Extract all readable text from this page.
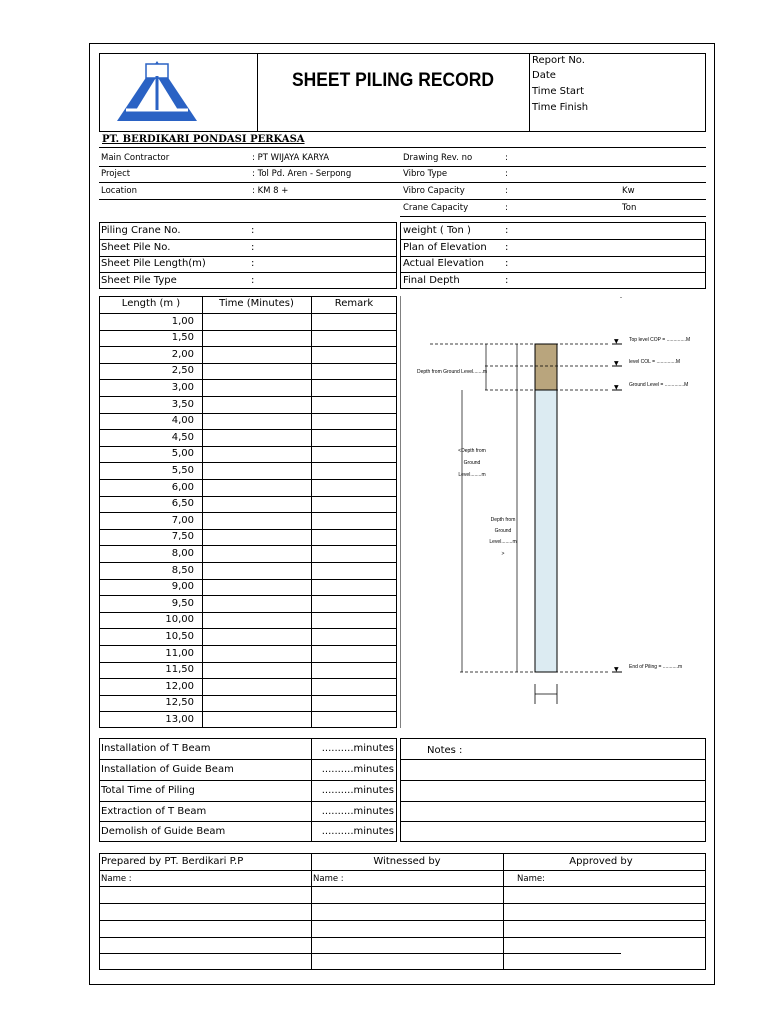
SHEET PILING RECORD
Report No.
Date
Time Start
Time Finish
PT. BERDIKARI PONDASI PERKASA
Main Contractor	: PT WIJAYA KARYA
Project	: Tol Pd. Aren - Serpong
Location	: KM 8 +
Drawing Rev. no	:
Vibro Type	:
Vibro Capacity	:	Kw
Crane Capacity	:	Ton
Piling Crane No.	:
Sheet Pile No.	:
Sheet Pile Length(m)	:
Sheet Pile Type	:
weight ( Ton )	:
Plan of Elevation :
Actual Elevation :
Final Depth	:
Length (m )	Time (Minutes)	Remark
1,00
1,50
2,00
2,50
3,00
3,50
4,00
4,50
5,00
5,50
6,00
6,50
7,00
7,50
8,00
8,50
9,00
9,50
10,00
10,50
11,00
11,50
12,00
12,50
13,00
-
▼
▼
▼
▼
Top level COP = ..............M
level COL = ..............M
Ground Level = ..............M
End of Piling = ...........m
Depth from Ground Level.......m
<Depth from
Ground
Level........m
Depth from
Ground
Level........m
>
Installation of T Beam	..........minutes
Installation of Guide Beam	..........minutes
Total Time of Piling	..........minutes
Extraction of T Beam	..........minutes
Demolish of Guide Beam	..........minutes
Notes :
Prepared by PT. Berdikari P.P	Witnessed by	Approved by
Name :	Name :	Name:
